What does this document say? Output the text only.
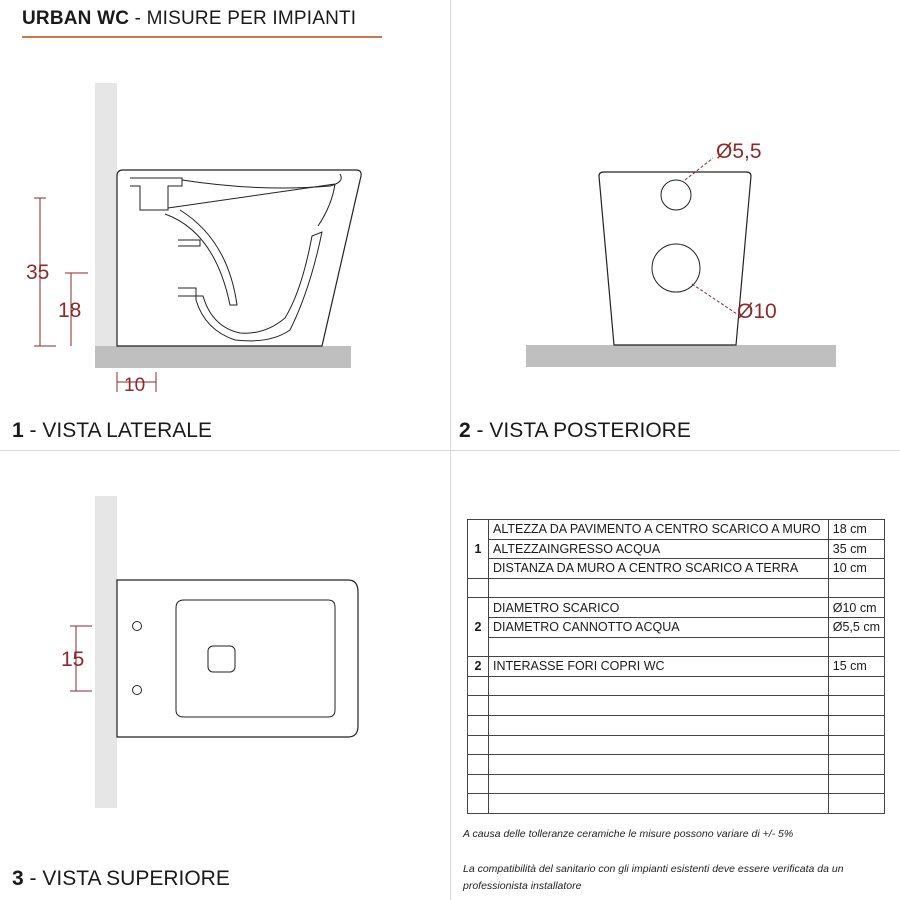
URBAN WC - MISURE PER IMPIANTI
35
18
10
Ø5,5
Ø10
15
1 - VISTA LATERALE	2 - VISTA POSTERIORE
3 - VISTA SUPERIORE
1	ALTEZZA DA PAVIMENTO A CENTRO SCARICO A MURO	18 cm
	ALTEZZAINGRESSO ACQUA	35 cm
	DISTANZA DA MURO A CENTRO SCARICO A TERRA	10 cm

2	DIAMETRO SCARICO	Ø10 cm
	DIAMETRO CANNOTTO ACQUA	Ø5,5 cm

2	INTERASSE FORI COPRI WC	15 cm

A causa delle tolleranze ceramiche le misure possono variare di +/- 5%
La compatibilità del sanitario con gli impianti esistenti deve essere verificata da un professionista installatore
